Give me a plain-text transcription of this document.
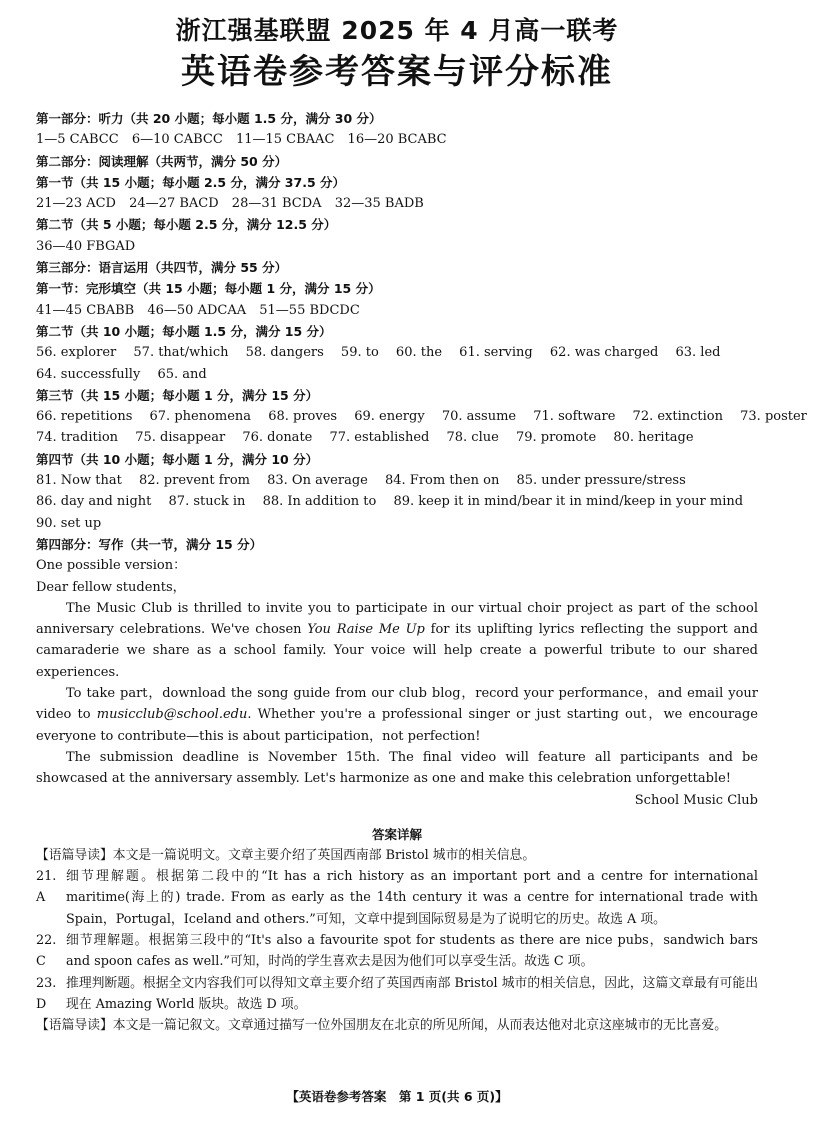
浙江强基联盟 2025 年 4 月高一联考
英语卷参考答案与评分标准
第一部分：听力（共 20 小题；每小题 1.5 分，满分 30 分）
1—5 CABCC 6—10 CABCC 11—15 CBAAC 16—20 BCABC
第二部分：阅读理解（共两节，满分 50 分）
第一节（共 15 小题；每小题 2.5 分，满分 37.5 分）
21—23 ACD 24—27 BACD 28—31 BCDA 32—35 BADB
第二节（共 5 小题；每小题 2.5 分，满分 12.5 分）
36—40 FBGAD
第三部分：语言运用（共四节，满分 55 分）
第一节：完形填空（共 15 小题；每小题 1 分，满分 15 分）
41—45 CBABB 46—50 ADCAA 51—55 BDCDC
第二节（共 10 小题；每小题 1.5 分，满分 15 分）
56. explorer 57. that/which 58. dangers 59. to 60. the 61. serving 62. was charged 63. led
64. successfully 65. and
第三节（共 15 小题；每小题 1 分，满分 15 分）
66. repetitions 67. phenomena 68. proves 69. energy 70. assume 71. software 72. extinction 73. poster
74. tradition 75. disappear 76. donate 77. established 78. clue 79. promote 80. heritage
第四节（共 10 小题；每小题 1 分，满分 10 分）
81. Now that 82. prevent from 83. On average 84. From then on 85. under pressure/stress
86. day and night 87. stuck in 88. In addition to 89. keep it in mind/bear it in mind/keep in your mind
90. set up
第四部分：写作（共一节，满分 15 分）

One possible version：

Dear fellow students，

The Music Club is thrilled to invite you to participate in our virtual choir project as part of the school anniversary celebrations. We've chosen You Raise Me Up for its uplifting lyrics reflecting the support and camaraderie we share as a school family. Your voice will help create a powerful tribute to our shared experiences.

To take part，download the song guide from our club blog，record your performance，and email your video to musicclub@school.edu. Whether you're a professional singer or just starting out，we encourage everyone to contribute—this is about participation，not perfection!

The submission deadline is November 15th. The final video will feature all participants and be showcased at the anniversary assembly. Let's harmonize as one and make this celebration unforgettable!

School Music Club
答案详解

【语篇导读】本文是一篇说明文。文章主要介绍了英国西南部 Bristol 城市的相关信息。

21. A
细节理解题。根据第二段中的“It has a rich history as an important port and a centre for international maritime(海上的) trade. From as early as the 14th century it was a centre for international trade with Spain，Portugal，Iceland and others.”可知，文章中提到国际贸易是为了说明它的历史。故选 A 项。
22. C
细节理解题。根据第三段中的“It's also a favourite spot for students as there are nice pubs，sandwich bars and spoon cafes as well.”可知，时尚的学生喜欢去是因为他们可以享受生活。故选 C 项。
23. D
推理判断题。根据全文内容我们可以得知文章主要介绍了英国西南部 Bristol 城市的相关信息，因此，这篇文章最有可能出现在 Amazing World 版块。故选 D 项。

【语篇导读】本文是一篇记叙文。文章通过描写一位外国朋友在北京的所见所闻，从而表达他对北京这座城市的无比喜爱。

【英语卷参考答案　第 1 页(共 6 页)】
